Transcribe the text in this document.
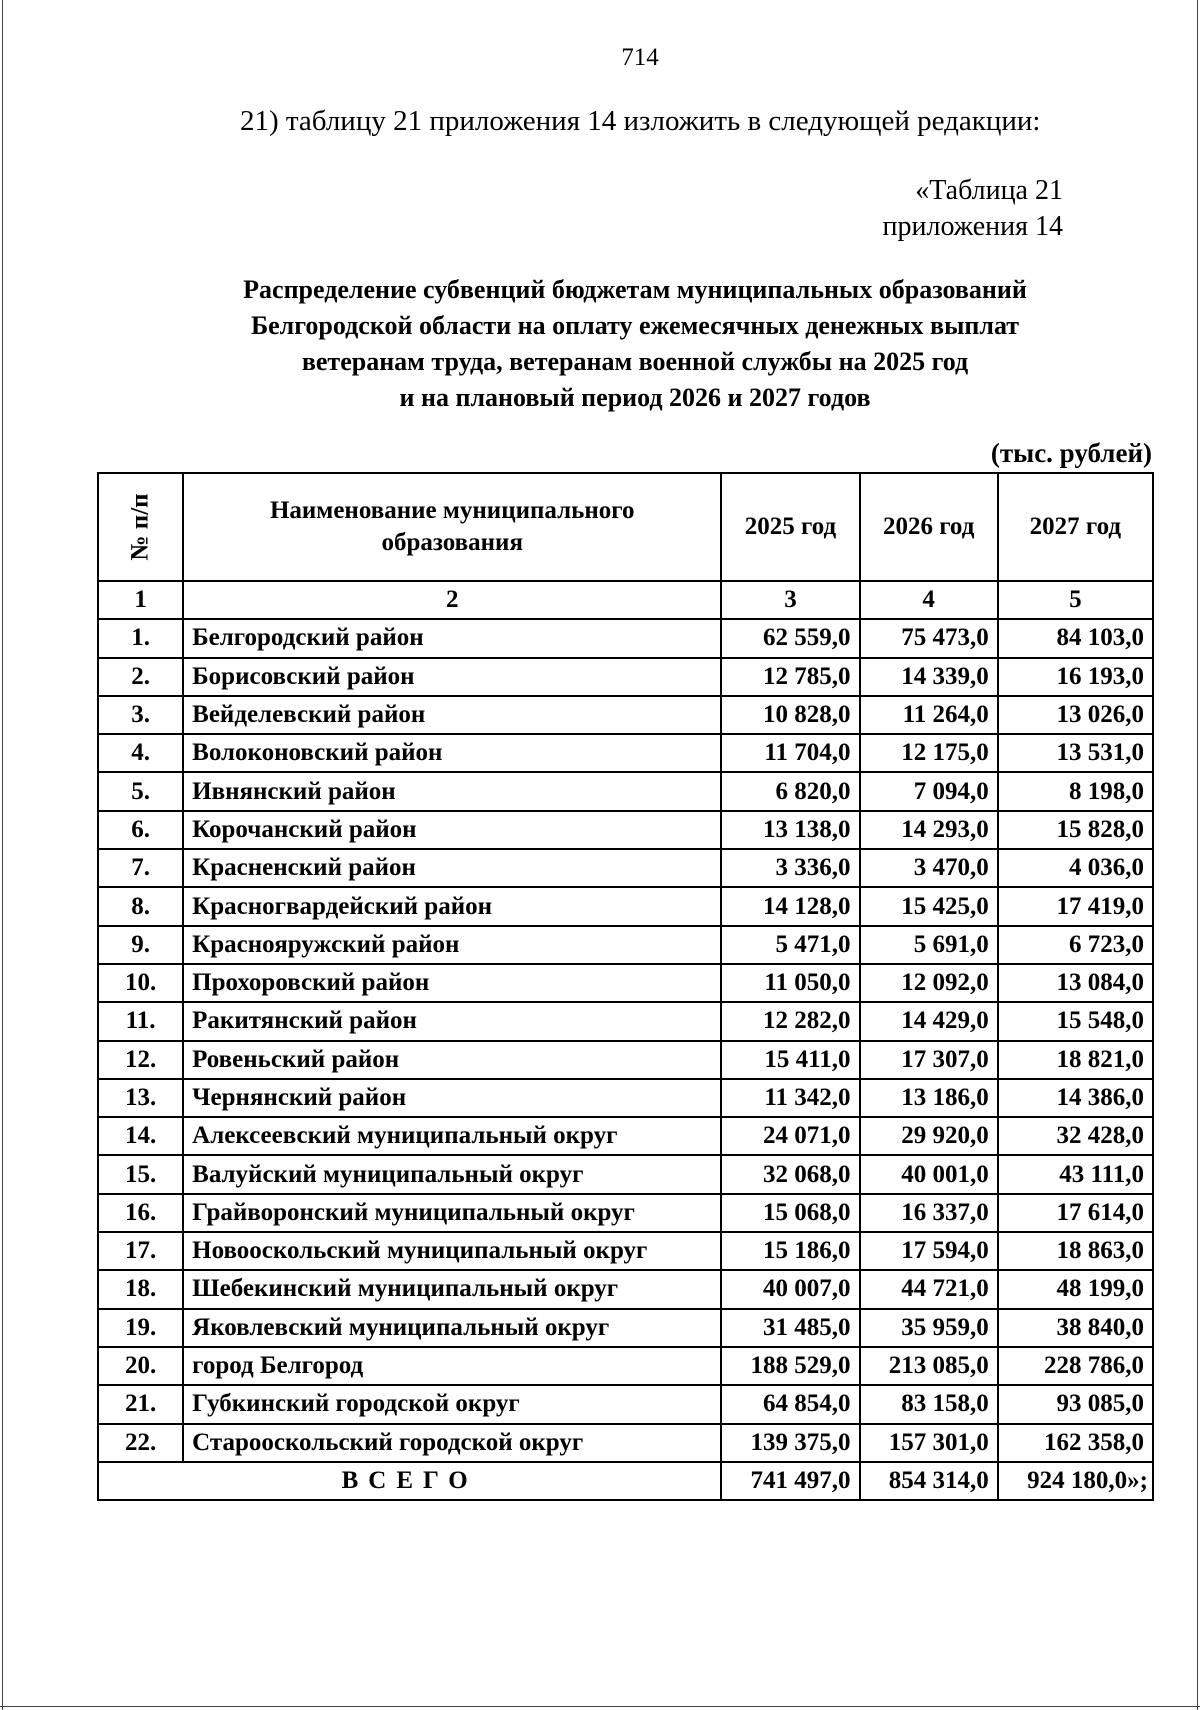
714
21) таблицу 21 приложения 14 изложить в следующей редакции:
«Таблица 21
приложения 14
Распределение субвенций бюджетам муниципальных образований
Белгородской области на оплату ежемесячных денежных выплат
ветеранам труда, ветеранам военной службы на 2025 год
и на плановый период 2026 и 2027 годов
(тыс. рублей)
№ п/п	Наименование муниципального образования	2025 год	2026 год	2027 год
1	2	3	4	5
1.	Белгородский район	62 559,0	75 473,0	84 103,0
2.	Борисовский район	12 785,0	14 339,0	16 193,0
3.	Вейделевский район	10 828,0	11 264,0	13 026,0
4.	Волоконовский район	11 704,0	12 175,0	13 531,0
5.	Ивнянский район	6 820,0	7 094,0	8 198,0
6.	Корочанский район	13 138,0	14 293,0	15 828,0
7.	Красненский район	3 336,0	3 470,0	4 036,0
8.	Красногвардейский район	14 128,0	15 425,0	17 419,0
9.	Краснояружский район	5 471,0	5 691,0	6 723,0
10.	Прохоровский район	11 050,0	12 092,0	13 084,0
11.	Ракитянский район	12 282,0	14 429,0	15 548,0
12.	Ровеньский район	15 411,0	17 307,0	18 821,0
13.	Чернянский район	11 342,0	13 186,0	14 386,0
14.	Алексеевский муниципальный округ	24 071,0	29 920,0	32 428,0
15.	Валуйский муниципальный округ	32 068,0	40 001,0	43 111,0
16.	Грайворонский муниципальный округ	15 068,0	16 337,0	17 614,0
17.	Новооскольский муниципальный округ	15 186,0	17 594,0	18 863,0
18.	Шебекинский муниципальный округ	40 007,0	44 721,0	48 199,0
19.	Яковлевский муниципальный округ	31 485,0	35 959,0	38 840,0
20.	город Белгород	188 529,0	213 085,0	228 786,0
21.	Губкинский городской округ	64 854,0	83 158,0	93 085,0
22.	Старооскольский городской округ	139 375,0	157 301,0	162 358,0
ВСЕГО		741 497,0	854 314,0	924 180,0»;
